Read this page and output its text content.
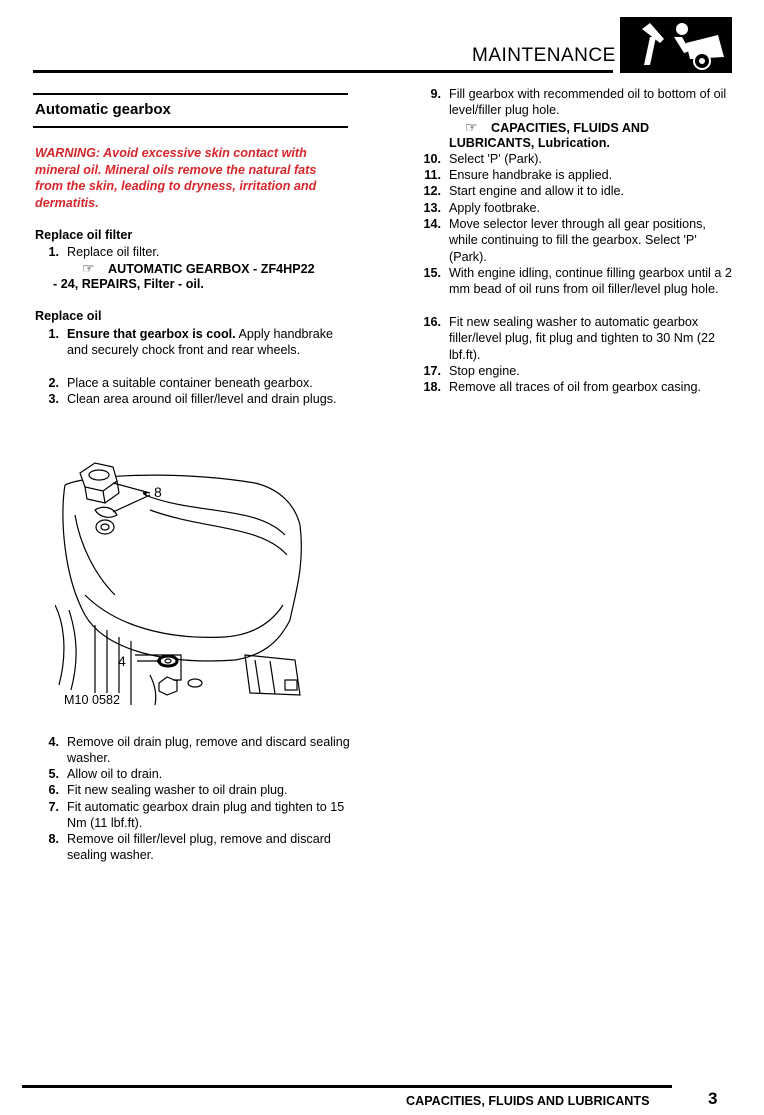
MAINTENANCE
Automatic gearbox
WARNING: Avoid excessive skin contact with mineral oil. Mineral oils remove the natural fats from the skin, leading to dryness, irritation and dermatitis.
Replace oil filter
1. Replace oil filter.
☞ AUTOMATIC GEARBOX - ZF4HP22
- 24, REPAIRS, Filter - oil.
Replace oil
1. Ensure that gearbox is cool. Apply handbrake and securely chock front and rear wheels.
2. Place a suitable container beneath gearbox.
3. Clean area around oil filler/level and drain plugs.
8
4
M10 0582
4. Remove oil drain plug, remove and discard sealing washer.
5. Allow oil to drain.
6. Fit new sealing washer to oil drain plug.
7. Fit automatic gearbox drain plug and tighten to 15 Nm (11 lbf.ft).
8. Remove oil filler/level plug, remove and discard sealing washer.
9. Fill gearbox with recommended oil to bottom of oil level/filler plug hole.
10. Select 'P' (Park).
11. Ensure handbrake is applied.
12. Start engine and allow it to idle.
13. Apply footbrake.
14. Move selector lever through all gear positions, while continuing to fill the gearbox. Select 'P' (Park).
15. With engine idling, continue filling gearbox until a 2 mm bead of oil runs from oil filler/level plug hole.
16. Fit new sealing washer to automatic gearbox filler/level plug, fit plug and tighten to 30 Nm (22 lbf.ft).
17. Stop engine.
18. Remove all traces of oil from gearbox casing.
☞ CAPACITIES, FLUIDS AND
LUBRICANTS, Lubrication.
CAPACITIES, FLUIDS AND LUBRICANTS	3
